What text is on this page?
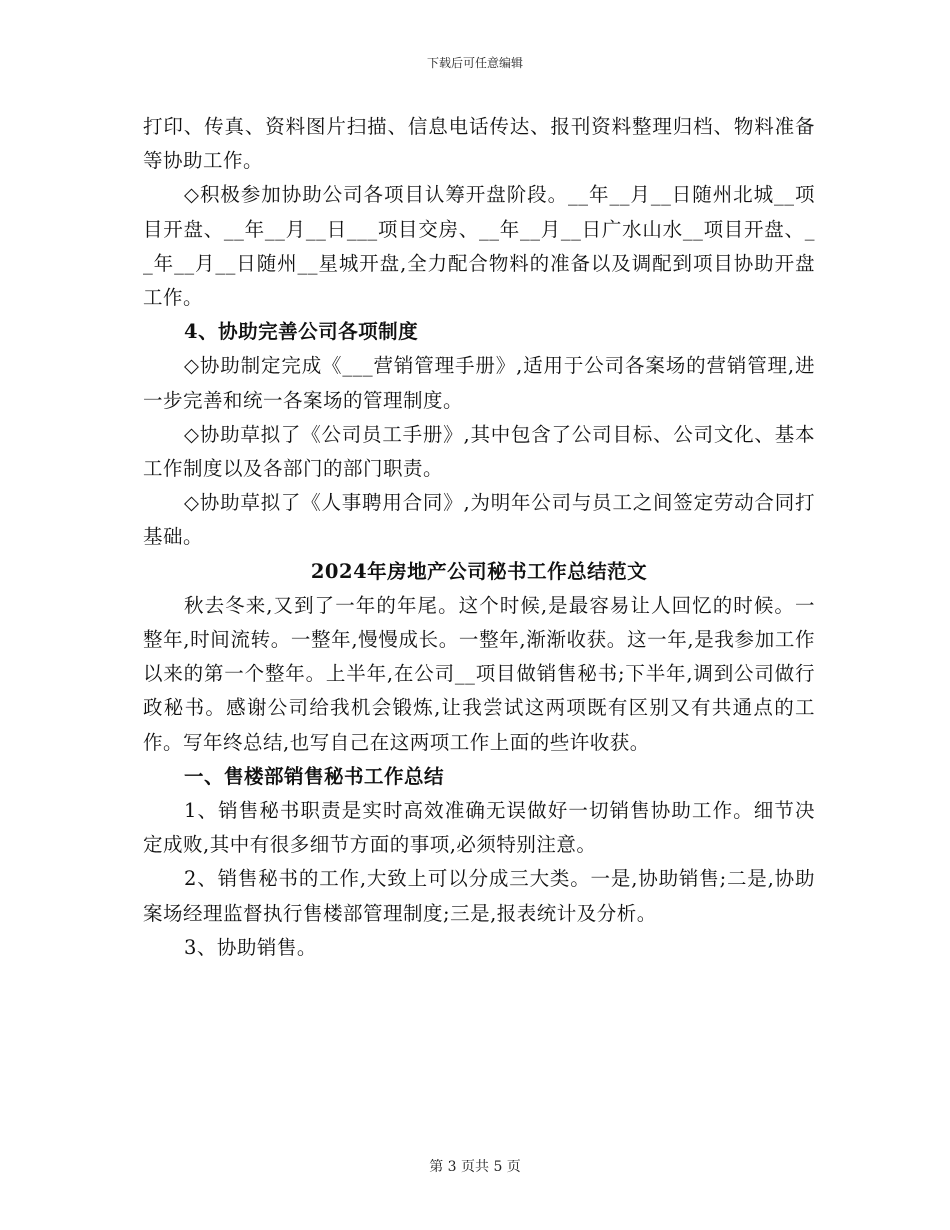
下载后可任意编辑

打印、传真、资料图片扫描、信息电话传达、报刊资料整理归档、物料准备等协助工作。

◇积极参加协助公司各项目认筹开盘阶段。__年__月__日随州北城__项目开盘、__年__月__日___项目交房、__年__月__日广水山水__项目开盘、__年__月__日随州__星城开盘,全力配合物料的准备以及调配到项目协助开盘工作。

4、协助完善公司各项制度

◇协助制定完成《___营销管理手册》,适用于公司各案场的营销管理,进一步完善和统一各案场的管理制度。

◇协助草拟了《公司员工手册》,其中包含了公司目标、公司文化、基本工作制度以及各部门的部门职责。

◇协助草拟了《人事聘用合同》,为明年公司与员工之间签定劳动合同打基础。

2024年房地产公司秘书工作总结范文

秋去冬来,又到了一年的年尾。这个时候,是最容易让人回忆的时候。一整年,时间流转。一整年,慢慢成长。一整年,渐渐收获。这一年,是我参加工作以来的第一个整年。上半年,在公司__项目做销售秘书;下半年,调到公司做行政秘书。感谢公司给我机会锻炼,让我尝试这两项既有区别又有共通点的工作。写年终总结,也写自己在这两项工作上面的些许收获。

一、售楼部销售秘书工作总结

1、销售秘书职责是实时高效准确无误做好一切销售协助工作。细节决定成败,其中有很多细节方面的事项,必须特别注意。

2、销售秘书的工作,大致上可以分成三大类。一是,协助销售;二是,协助案场经理监督执行售楼部管理制度;三是,报表统计及分析。

3、协助销售。

第 3 页共 5 页
